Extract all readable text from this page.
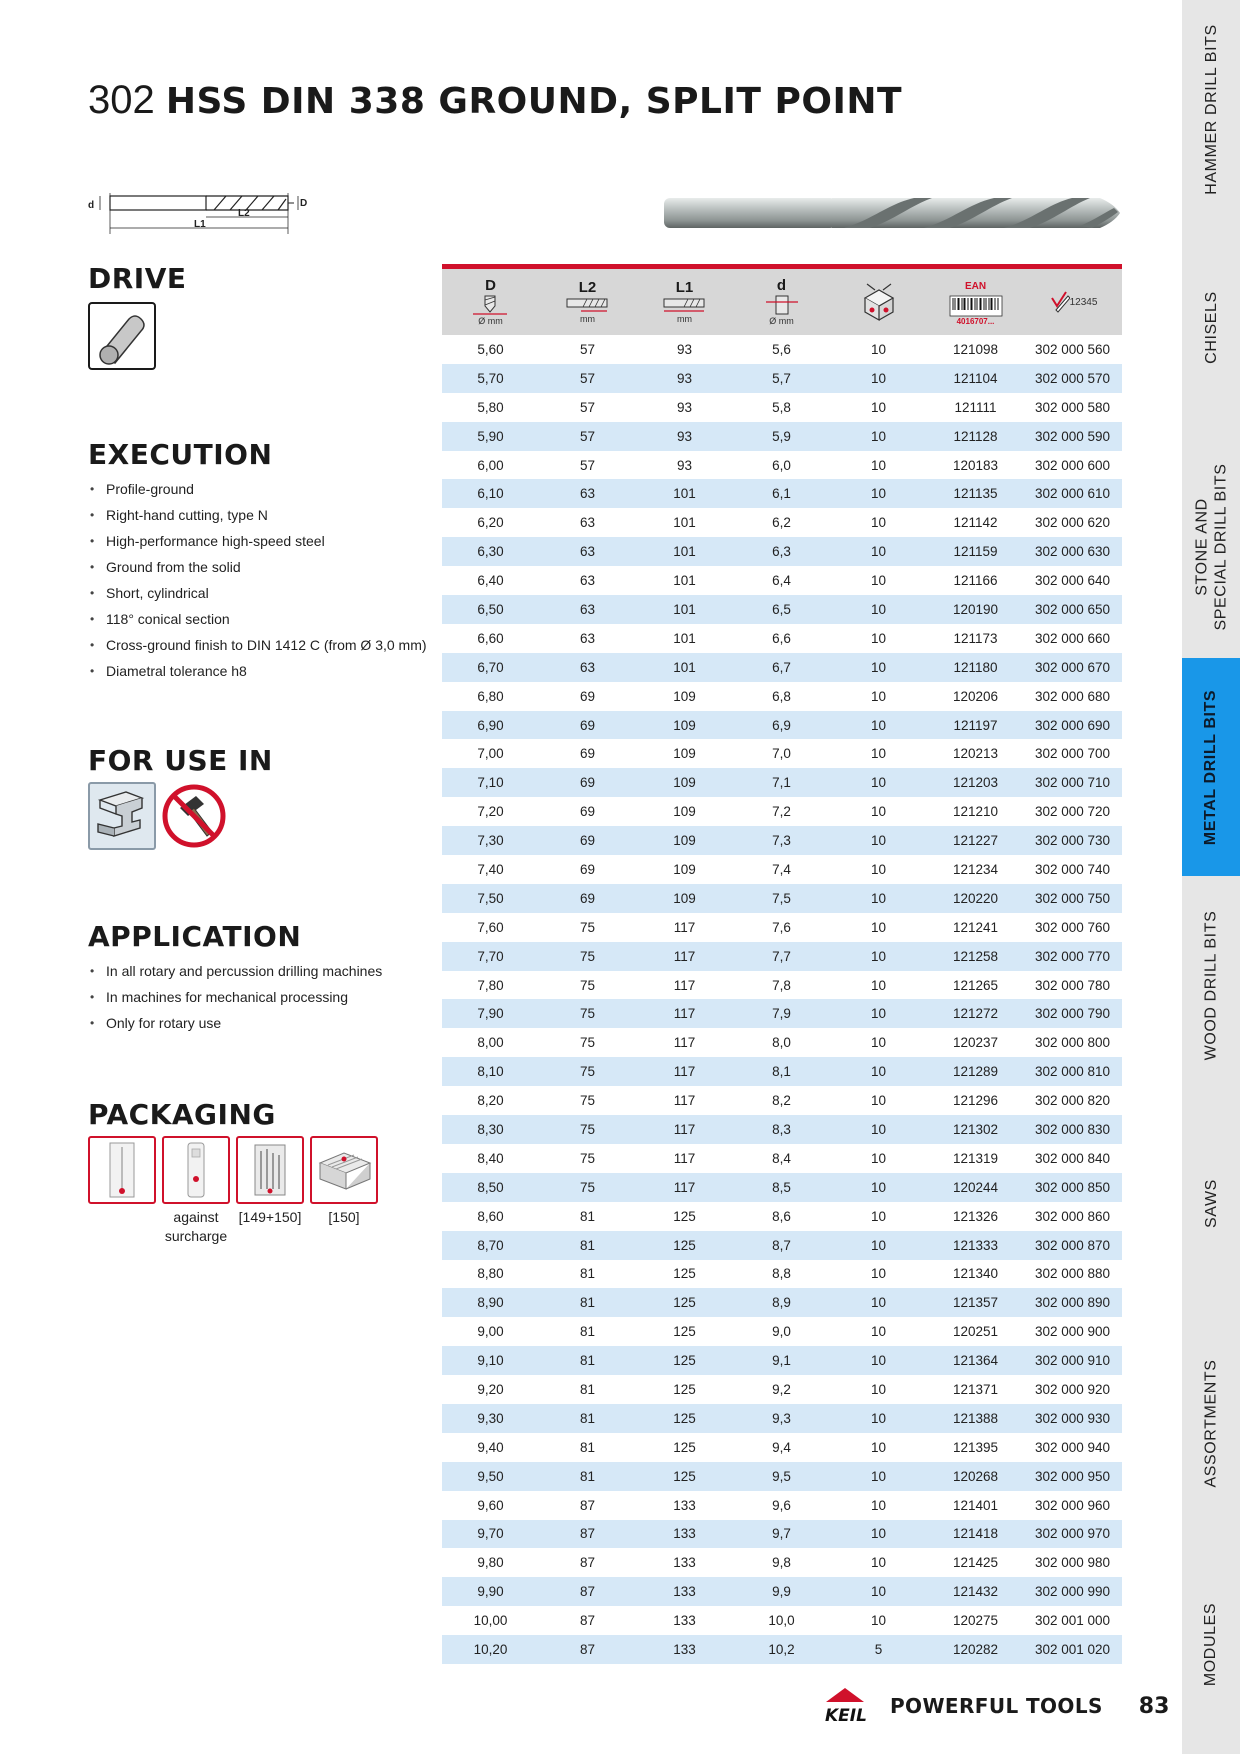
302 HSS DIN 338 GROUND, SPLIT POINT
d	D
L2
L1
DRIVE
EXECUTION
• Profile-ground
• Right-hand cutting, type N
• High-performance high-speed steel
• Ground from the solid
• Short, cylindrical
• 118° conical section
• Cross-ground finish to DIN 1412 C (from Ø 3,0 mm)
• Diametral tolerance h8
FOR USE IN
APPLICATION
• In all rotary and percussion drilling machines
• In machines for mechanical processing
• Only for rotary use
PACKAGING
against surcharge
[149+150]	[150]
D
Ø mm
L2
mm
L1
mm
d
Ø mm
EAN
4016707...
12345
5,60	57	93	5,6	10	121098	302 000 560
5,70	57	93	5,7	10	121104	302 000 570
5,80	57	93	5,8	10	121111	302 000 580
5,90	57	93	5,9	10	121128	302 000 590
6,00	57	93	6,0	10	120183	302 000 600
6,10	63	101	6,1	10	121135	302 000 610
6,20	63	101	6,2	10	121142	302 000 620
6,30	63	101	6,3	10	121159	302 000 630
6,40	63	101	6,4	10	121166	302 000 640
6,50	63	101	6,5	10	120190	302 000 650
6,60	63	101	6,6	10	121173	302 000 660
6,70	63	101	6,7	10	121180	302 000 670
6,80	69	109	6,8	10	120206	302 000 680
6,90	69	109	6,9	10	121197	302 000 690
7,00	69	109	7,0	10	120213	302 000 700
7,10	69	109	7,1	10	121203	302 000 710
7,20	69	109	7,2	10	121210	302 000 720
7,30	69	109	7,3	10	121227	302 000 730
7,40	69	109	7,4	10	121234	302 000 740
7,50	69	109	7,5	10	120220	302 000 750
7,60	75	117	7,6	10	121241	302 000 760
7,70	75	117	7,7	10	121258	302 000 770
7,80	75	117	7,8	10	121265	302 000 780
7,90	75	117	7,9	10	121272	302 000 790
8,00	75	117	8,0	10	120237	302 000 800
8,10	75	117	8,1	10	121289	302 000 810
8,20	75	117	8,2	10	121296	302 000 820
8,30	75	117	8,3	10	121302	302 000 830
8,40	75	117	8,4	10	121319	302 000 840
8,50	75	117	8,5	10	120244	302 000 850
8,60	81	125	8,6	10	121326	302 000 860
8,70	81	125	8,7	10	121333	302 000 870
8,80	81	125	8,8	10	121340	302 000 880
8,90	81	125	8,9	10	121357	302 000 890
9,00	81	125	9,0	10	120251	302 000 900
9,10	81	125	9,1	10	121364	302 000 910
9,20	81	125	9,2	10	121371	302 000 920
9,30	81	125	9,3	10	121388	302 000 930
9,40	81	125	9,4	10	121395	302 000 940
9,50	81	125	9,5	10	120268	302 000 950
9,60	87	133	9,6	10	121401	302 000 960
9,70	87	133	9,7	10	121418	302 000 970
9,80	87	133	9,8	10	121425	302 000 980
9,90	87	133	9,9	10	121432	302 000 990
10,00	87	133	10,0	10	120275	302 001 000
10,20	87	133	10,2	5	120282	302 001 020
HAMMER DRILL BITS
CHISELS
STONE AND
SPECIAL DRILL BITS
METAL DRILL BITS
WOOD DRILL BITS
SAWS
ASSORTMENTS
MODULES
KEIL POWERFUL TOOLS 83
